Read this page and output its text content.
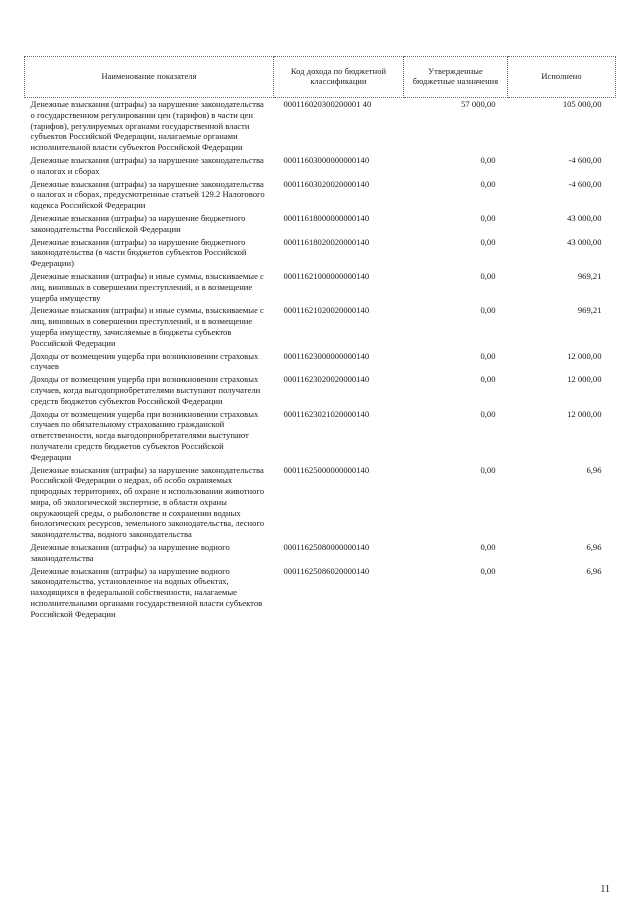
Наименование показателя	Код дохода по бюджетной классификации	Утвержденные бюджетные назначения	Исполнено
Денежные взыскания (штрафы) за нарушение законодательства о государственном регулировании цен (тарифов) в части цен (тарифов), регулируемых органами государственной власти субъектов Российской Федерации, налагаемые органами исполнительной власти субъектов Российской Федерации	000116020300200001 40	57 000,00	105 000,00
Денежные взыскания (штрафы) за нарушение законодательства о налогах и сборах	00011603000000000140	0,00	-4 600,00
Денежные взыскания (штрафы) за нарушение законодательства о налогах и сборах, предусмотренные статьей 129.2 Налогового кодекса Российской Федерации	00011603020020000140	0,00	-4 600,00
Денежные взыскания (штрафы) за нарушение бюджетного законодательства Российской Федерации	00011618000000000140	0,00	43 000,00
Денежные взыскания (штрафы) за нарушение бюджетного законодательства (в части бюджетов субъектов Российской Федерации)	00011618020020000140	0,00	43 000,00
Денежные взыскания (штрафы) и иные суммы, взыскиваемые с лиц, виновных в совершении преступлений, и в возмещение ущерба имуществу	00011621000000000140	0,00	969,21
Денежные взыскания (штрафы) и иные суммы, взыскиваемые с лиц, виновных в совершении преступлений, и в возмещение ущерба имуществу, зачисляемые в бюджеты субъектов Российской Федерации	00011621020020000140	0,00	969,21
Доходы от возмещения ущерба при возникновении страховых случаев	00011623000000000140	0,00	12 000,00
Доходы от возмещения ущерба при возникновении страховых случаев, когда выгодоприобретателями выступают получатели средств бюджетов субъектов Российской Федерации	00011623020020000140	0,00	12 000,00
Доходы от возмещения ущерба при возникновении страховых случаев по обязательному страхованию гражданской ответственности, когда выгодоприобретателями выступают получатели средств бюджетов субъектов Российской Федерации	00011623021020000140	0,00	12 000,00
Денежные взыскания (штрафы) за нарушение законодательства Российской Федерации о недрах, об особо охраняемых природных территориях, об охране и использовании животного мира, об экологической экспертизе, в области охраны окружающей среды, о рыболовстве и сохранении водных биологических ресурсов, земельного законодательства, лесного законодательства, водного законодательства	00011625000000000140	0,00	6,96
Денежные взыскания (штрафы) за нарушение водного законодательства	00011625080000000140	0,00	6,96
Денежные взыскания (штрафы) за нарушение водного законодательства, установленное на водных объектах, находящихся в федеральной собственности, налагаемые исполнительными органами государственной власти субъектов Российской Федерации	00011625086020000140	0,00	6,96
11
